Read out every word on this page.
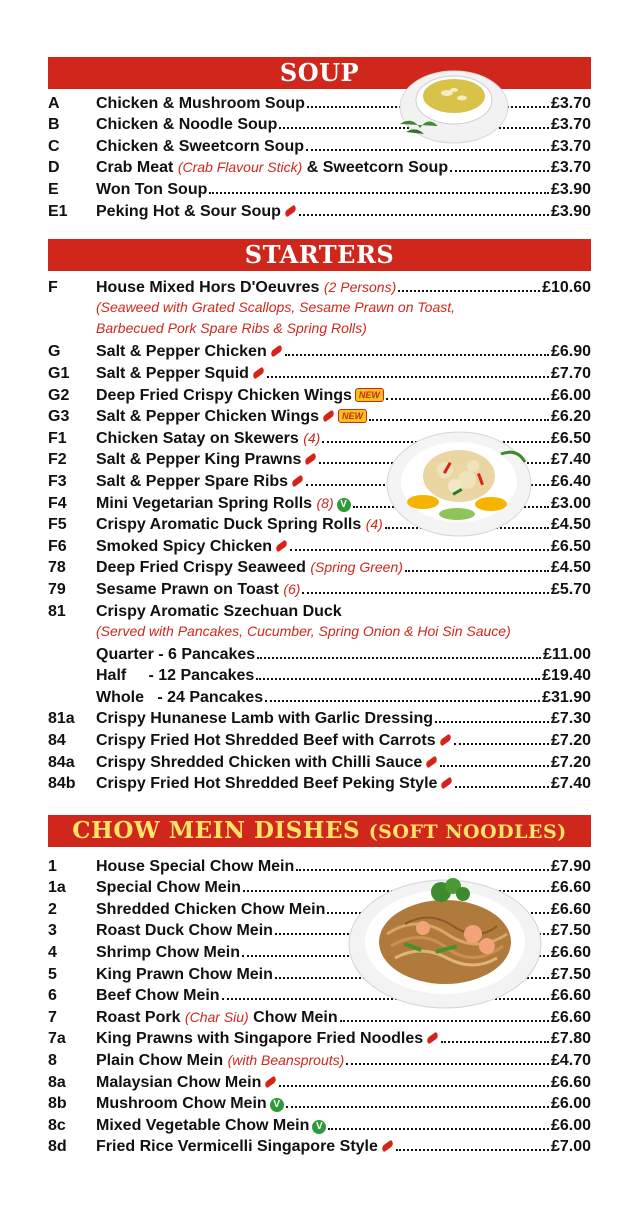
SOUP
A	Chicken & Mushroom Soup	£3.70
B	Chicken & Noodle Soup	£3.70
C	Chicken & Sweetcorn Soup	£3.70
D	Crab Meat (Crab Flavour Stick) & Sweetcorn Soup	£3.70
E	Won Ton Soup	£3.90
E1	Peking Hot & Sour Soup	£3.90
STARTERS
F	House Mixed Hors D'Oeuvres (2 Persons)	£10.60
(Seaweed with Grated Scallops, Sesame Prawn on Toast,
Barbecued Pork Spare Ribs & Spring Rolls)
G	Salt & Pepper Chicken	£6.90
G1	Salt & Pepper Squid	£7.70
G2	Deep Fried Crispy Chicken Wings NEW	£6.00
G3	Salt & Pepper Chicken Wings	NEW	£6.20
F1	Chicken Satay on Skewers (4)	£6.50
F2	Salt & Pepper King Prawns	£7.40
F3	Salt & Pepper Spare Ribs	£6.40
F4	Mini Vegetarian Spring Rolls (8) V	£3.00
F5	Crispy Aromatic Duck Spring Rolls (4)	£4.50
F6	Smoked Spicy Chicken	£6.50
78	Deep Fried Crispy Seaweed (Spring Green)	£4.50
79	Sesame Prawn on Toast (6)	£5.70
81	Crispy Aromatic Szechuan Duck
(Served with Pancakes, Cucumber, Spring Onion & Hoi Sin Sauce)
Quarter - 6 Pancakes	£11.00
Half     - 12 Pancakes	£19.40
Whole   - 24 Pancakes	£31.90
81a	Crispy Hunanese Lamb with Garlic Dressing	£7.30
84	Crispy Fried Hot Shredded Beef with Carrots	£7.20
84a	Crispy Shredded Chicken with Chilli Sauce	£7.20
84b	Crispy Fried Hot Shredded Beef Peking Style	£7.40
CHOW MEIN DISHES (SOFT NOODLES)
1	House Special Chow Mein	£7.90
1a	Special Chow Mein	£6.60
2	Shredded Chicken Chow Mein	£6.60
3	Roast Duck Chow Mein	£7.50
4	Shrimp Chow Mein	£6.60
5	King Prawn Chow Mein	£7.50
6	Beef Chow Mein	£6.60
7	Roast Pork (Char Siu) Chow Mein	£6.60
7a	King Prawns with Singapore Fried Noodles	£7.80
8	Plain Chow Mein (with Beansprouts)	£4.70
8a	Malaysian Chow Mein	£6.60
8b	Mushroom Chow Mein V	£6.00
8c	Mixed Vegetable Chow Mein V	£6.00
8d	Fried Rice Vermicelli Singapore Style	£7.00
